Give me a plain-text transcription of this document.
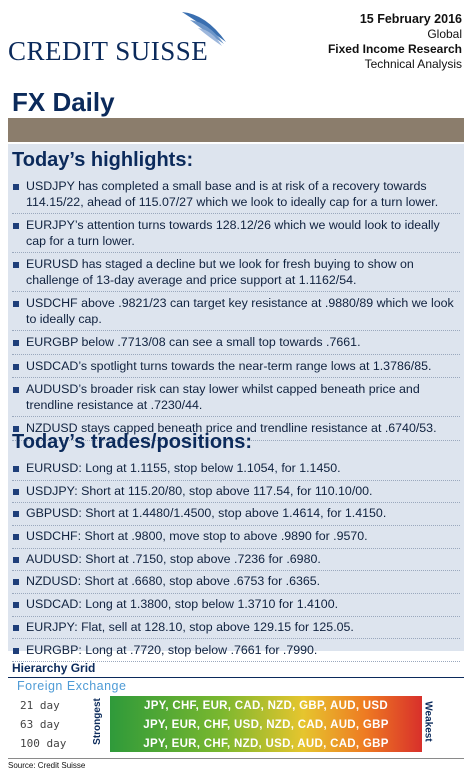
CREDIT SUISSE
15 February 2016
Global
Fixed Income Research
Technical Analysis
FX Daily
Today’s highlights:
USDJPY has completed a small base and is at risk of a recovery towards 114.15/22, ahead of 115.07/27 which we look to ideally cap for a turn lower.
EURJPY’s attention turns towards 128.12/26 which we would look to ideally cap for a turn lower.
EURUSD has staged a decline but we look for fresh buying to show on challenge of 13-day average and price support at 1.1162/54.
USDCHF above .9821/23 can target key resistance at .9880/89 which we look to ideally cap.
EURGBP below .7713/08 can see a small top towards .7661.
USDCAD’s spotlight turns towards the near-term range lows at 1.3786/85.
AUDUSD’s broader risk can stay lower whilst capped beneath price and trendline resistance at .7230/44.
NZDUSD stays capped beneath price and trendline resistance at .6740/53.
Today’s trades/positions:
EURUSD: Long at 1.1155, stop below 1.1054, for 1.1450.
USDJPY: Short at 115.20/80, stop above 117.54, for 110.10/00.
GBPUSD: Short at 1.4480/1.4500, stop above 1.4614, for 1.4150.
USDCHF: Short at .9800, move stop to above .9890 for .9570.
AUDUSD: Short at .7150, stop above .7236 for .6980.
NZDUSD: Short at .6680, stop above .6753 for .6365.
USDCAD: Long at 1.3800, stop below 1.3710 for 1.4100.
EURJPY: Flat, sell at 128.10, stop above 129.15 for 125.05.
EURGBP: Long at .7720, stop below .7661 for .7990.
Hierarchy Grid
Foreign Exchange
21 day
63 day
100 day	Strongest	Weakest
JPY, CHF, EUR, CAD, NZD, GBP, AUD, USD
JPY, EUR, CHF, USD, NZD, CAD, AUD, GBP
JPY, EUR, CHF, NZD, USD, AUD, CAD, GBP
Source: Credit Suisse
